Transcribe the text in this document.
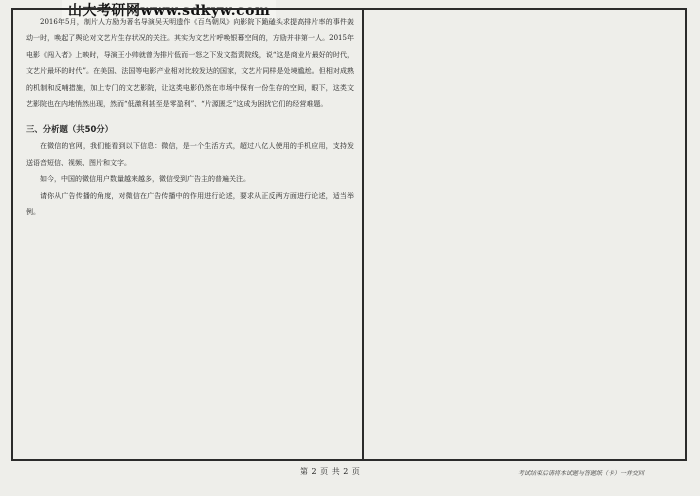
山大考研网www.sdkyw.com

2016年5月，制片人方励为著名导演吴天明遗作《百鸟朝凤》向影院下跪磕头求提高排片率的事件轰动一时，唤起了舆论对文艺片生存状况的关注。其实为文艺片呼唤银幕空间的，方励并非第一人。2015年电影《闯入者》上映时，导演王小帅就曾为排片低而一怒之下发文指责院线，说“这是商业片最好的时代，文艺片最坏的时代”。在美国、法国等电影产业相对比较发达的国家，文艺片同样是处境尴尬。但相对成熟的机制和反哺措施，加上专门的文艺影院，让这类电影仍然在市场中保有一份生存的空间，眼下，这类文艺影院也在内地悄然出现，然而“低激利甚至是零盈利”、“片源匮乏”这成为困扰它们的经营难题。

三、分析题（共50分）

在微信的官网，我们能看到以下信息：微信，是一个生活方式，超过八亿人使用的手机应用，支持发送语音短信、视频、图片和文字。

如今，中国的微信用户数量越来越多，微信受到广告主的普遍关注。

请你从广告传播的角度，对微信在广告传播中的作用进行论述，要求从正反两方面进行论述，适当举例。

第 2 页 共 2 页	考试结束后请将本试题与答题纸（卡）一并交回
